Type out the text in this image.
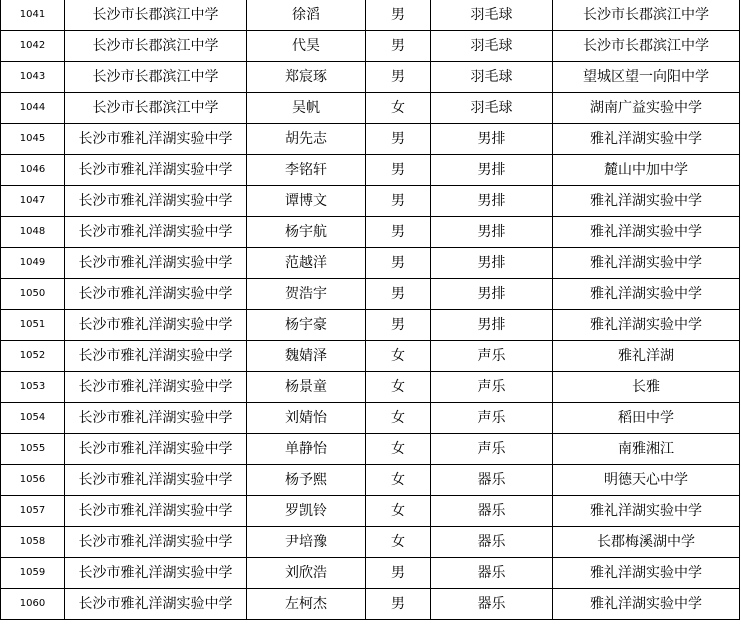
1041	长沙市长郡滨江中学	徐滔	男	羽毛球	长沙市长郡滨江中学
1042	长沙市长郡滨江中学	代昊	男	羽毛球	长沙市长郡滨江中学
1043	长沙市长郡滨江中学	郑宸琢	男	羽毛球	望城区望一向阳中学
1044	长沙市长郡滨江中学	吴帆	女	羽毛球	湖南广益实验中学
1045	长沙市雅礼洋湖实验中学	胡先志	男	男排	雅礼洋湖实验中学
1046	长沙市雅礼洋湖实验中学	李铭轩	男	男排	麓山中加中学
1047	长沙市雅礼洋湖实验中学	谭博文	男	男排	雅礼洋湖实验中学
1048	长沙市雅礼洋湖实验中学	杨宇航	男	男排	雅礼洋湖实验中学
1049	长沙市雅礼洋湖实验中学	范越洋	男	男排	雅礼洋湖实验中学
1050	长沙市雅礼洋湖实验中学	贺浩宇	男	男排	雅礼洋湖实验中学
1051	长沙市雅礼洋湖实验中学	杨宇豪	男	男排	雅礼洋湖实验中学
1052	长沙市雅礼洋湖实验中学	魏婧泽	女	声乐	雅礼洋湖
1053	长沙市雅礼洋湖实验中学	杨景童	女	声乐	长雅
1054	长沙市雅礼洋湖实验中学	刘婧怡	女	声乐	稻田中学
1055	长沙市雅礼洋湖实验中学	单静怡	女	声乐	南雅湘江
1056	长沙市雅礼洋湖实验中学	杨予熙	女	器乐	明德天心中学
1057	长沙市雅礼洋湖实验中学	罗凯铃	女	器乐	雅礼洋湖实验中学
1058	长沙市雅礼洋湖实验中学	尹培豫	女	器乐	长郡梅溪湖中学
1059	长沙市雅礼洋湖实验中学	刘欣浩	男	器乐	雅礼洋湖实验中学
1060	长沙市雅礼洋湖实验中学	左柯杰	男	器乐	雅礼洋湖实验中学
